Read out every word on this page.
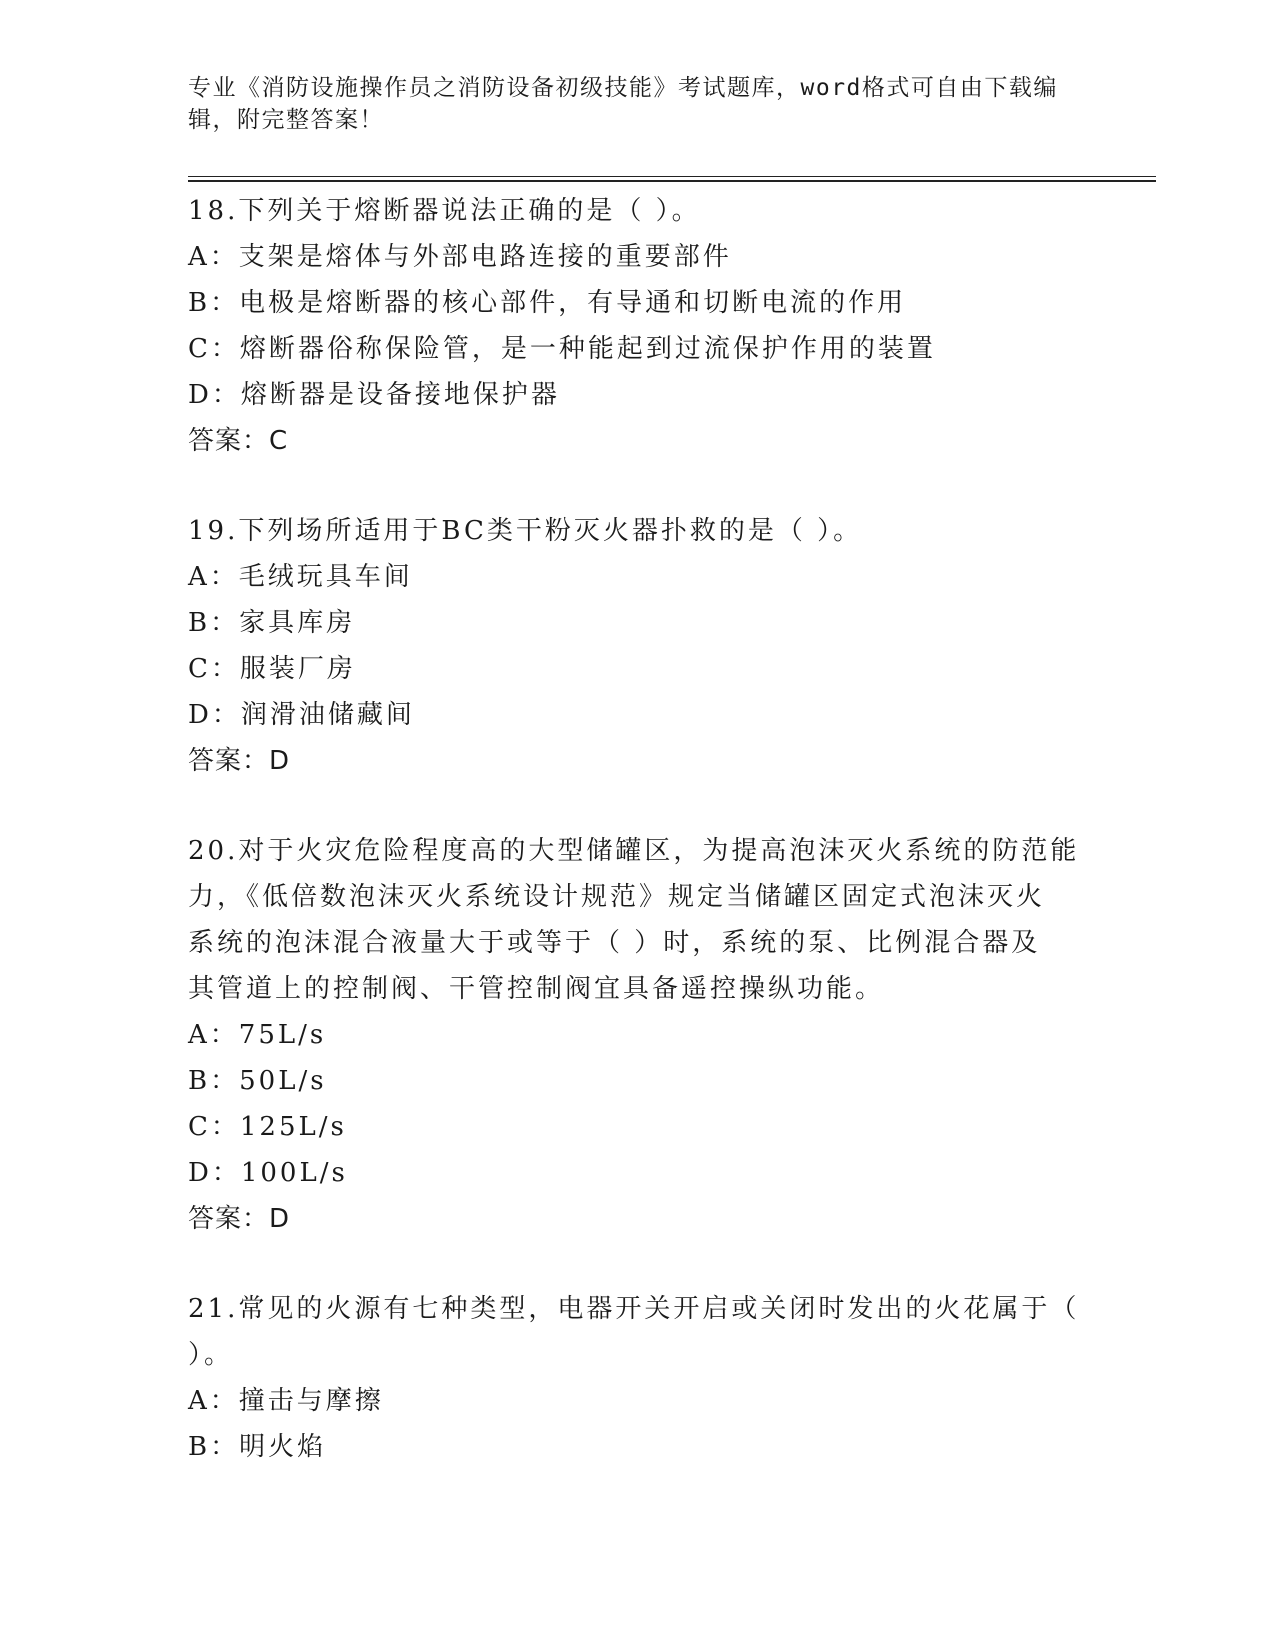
专业《消防设施操作员之消防设备初级技能》考试题库，word格式可自由下载编
辑，附完整答案！

18.下列关于熔断器说法正确的是（ ）。

A：支架是熔体与外部电路连接的重要部件

B：电极是熔断器的核心部件，有导通和切断电流的作用

C：熔断器俗称保险管，是一种能起到过流保护作用的装置

D：熔断器是设备接地保护器

答案：C

19.下列场所适用于BC类干粉灭火器扑救的是（ ）。

A：毛绒玩具车间

B：家具库房

C：服装厂房

D：润滑油储藏间

答案：D

20.对于火灾危险程度高的大型储罐区，为提高泡沫灭火系统的防范能

力，《低倍数泡沫灭火系统设计规范》规定当储罐区固定式泡沫灭火

系统的泡沫混合液量大于或等于（ ）时，系统的泵、比例混合器及

其管道上的控制阀、干管控制阀宜具备遥控操纵功能。

A：75L/s

B：50L/s

C：125L/s

D：100L/s

答案：D

21.常见的火源有七种类型，电器开关开启或关闭时发出的火花属于（

）。

A：撞击与摩擦

B：明火焰
